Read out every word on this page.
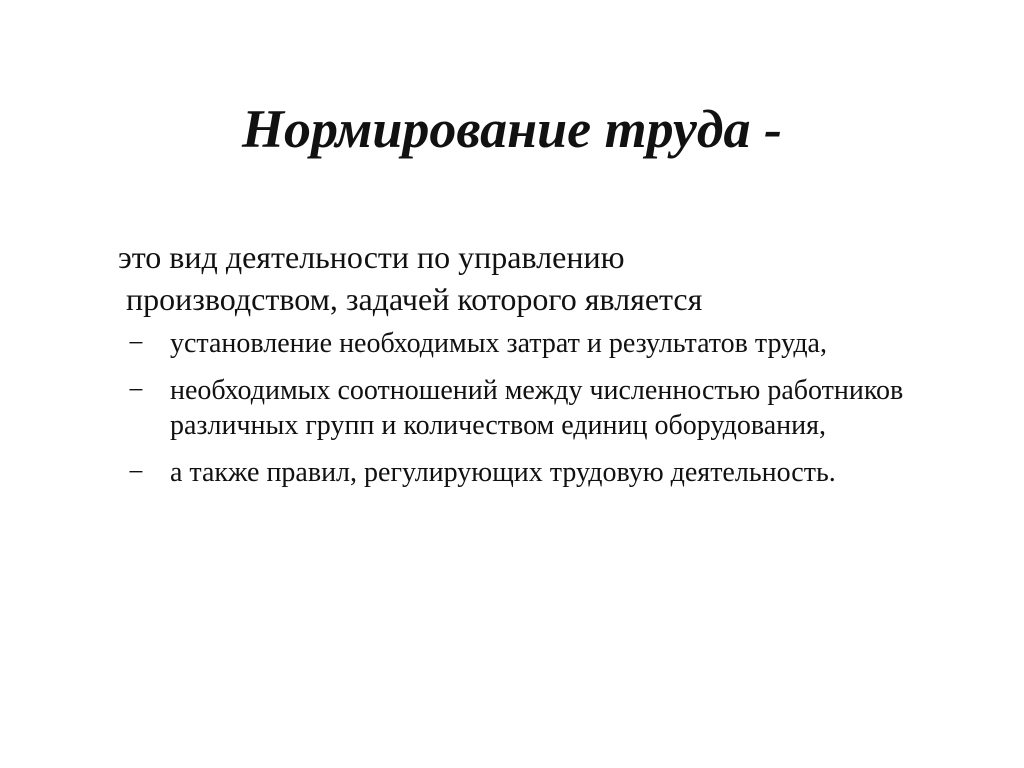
Нормирование труда -
это вид деятельности по управлению
производством, задачей которого является
− установление необходимых затрат и результатов труда,
− необходимых соотношений между численностью работников различных групп и количеством единиц оборудования,
− а также правил, регулирующих трудовую деятельность.
